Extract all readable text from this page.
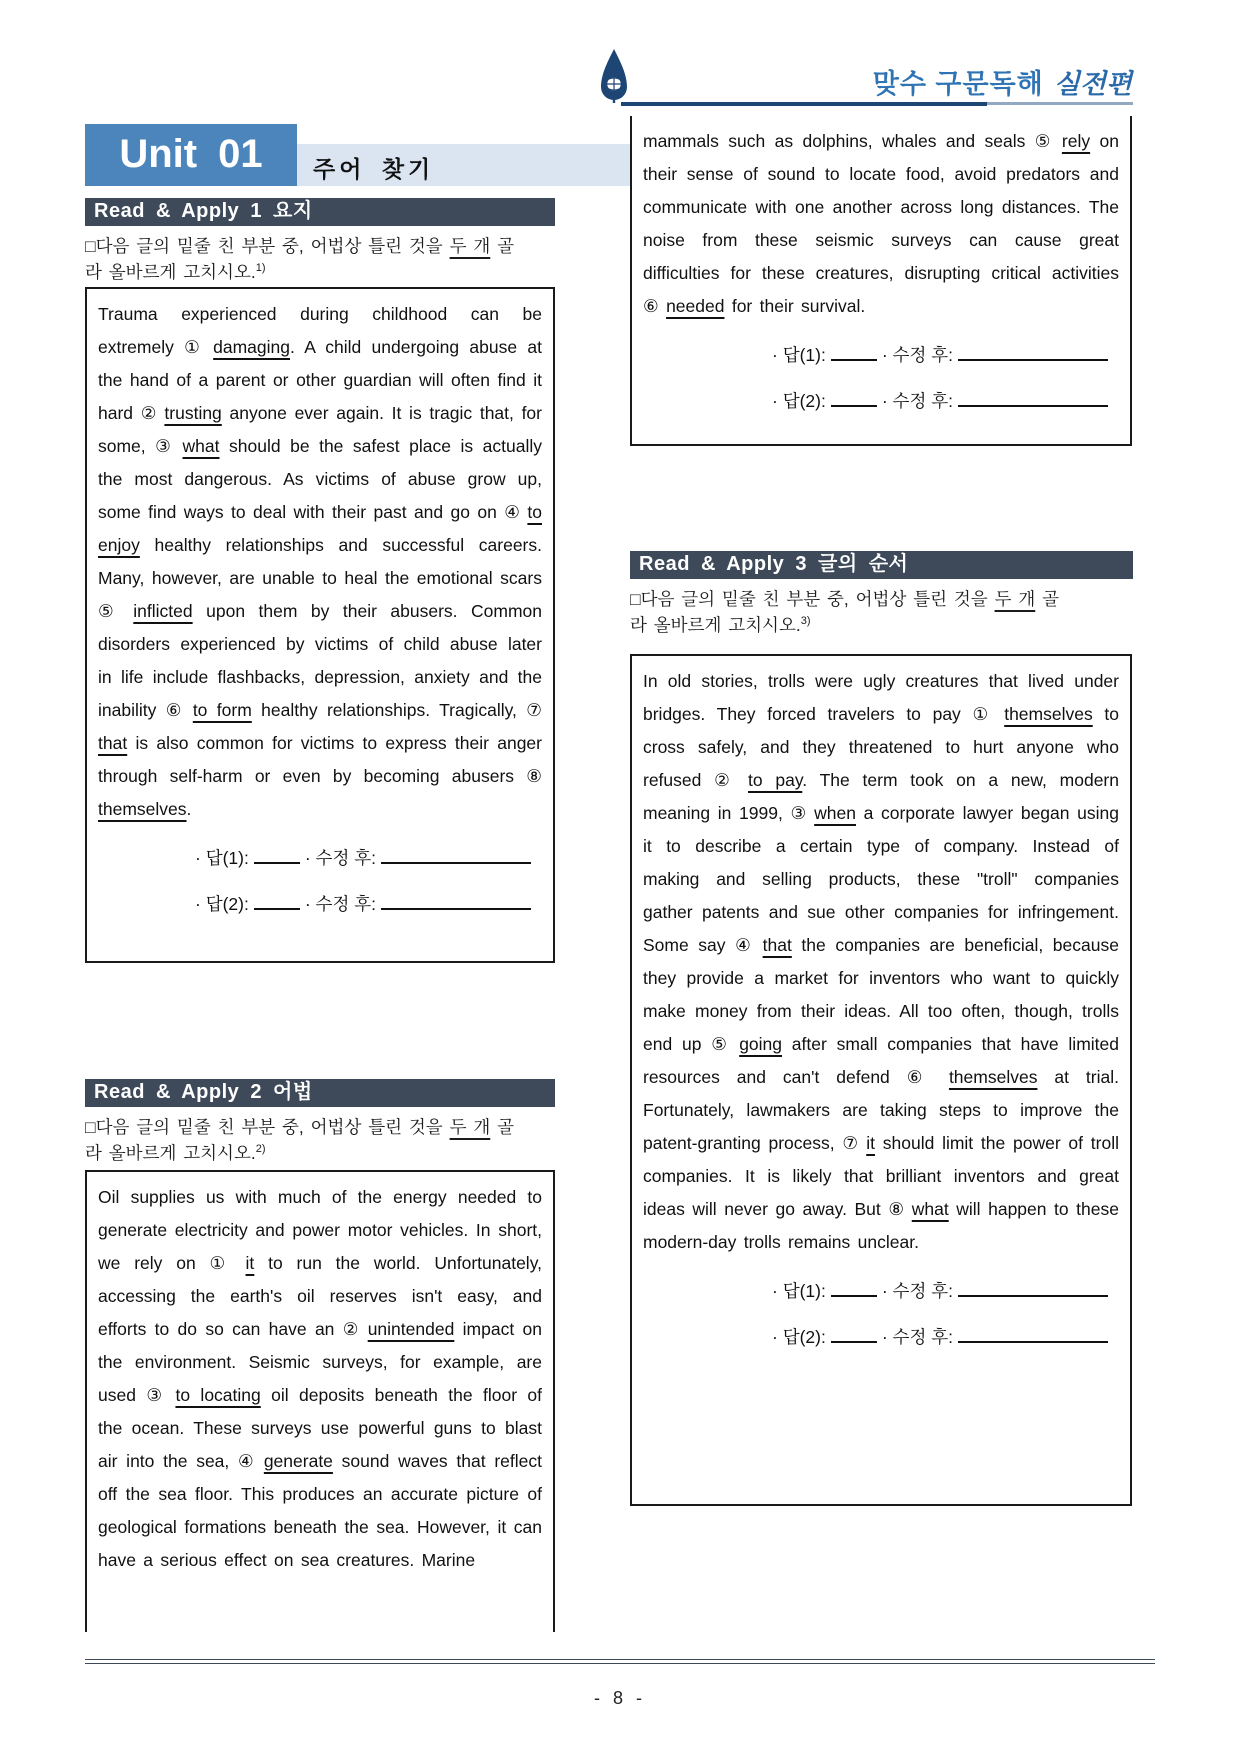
맞수 구문독해 실전편
Unit 01	주어 찾기
Read & Apply 1 요지
□다음 글의 밑줄 친 부분 중, 어법상 틀린 것을 두 개 골
라 올바르게 고치시오.$^{1)}$
Trauma experienced during childhood can be extremely ① damaging. A child undergoing abuse at the hand of a parent or other guardian will often find it hard ② trusting anyone ever again. It is tragic that, for some, ③ what should be the safest place is actually the most dangerous. As victims of abuse grow up, some find ways to deal with their past and go on ④ to enjoy healthy relationships and successful careers. Many, however, are unable to heal the emotional scars ⑤ inflicted upon them by their abusers. Common disorders experienced by victims of child abuse later in life include flashbacks, depression, anxiety and the inability ⑥ to form healthy relationships. Tragically, ⑦ that is also common for victims to express their anger through self-harm or even by becoming abusers ⑧ themselves.
· 답(1):	· 수정 후:
· 답(2):	· 수정 후:
Read & Apply 2 어법
□다음 글의 밑줄 친 부분 중, 어법상 틀린 것을 두 개 골
라 올바르게 고치시오.$^{2)}$
Oil supplies us with much of the energy needed to generate electricity and power motor vehicles. In short, we rely on ① it to run the world. Unfortunately, accessing the earth's oil reserves isn't easy, and efforts to do so can have an ② unintended impact on the environment. Seismic surveys, for example, are used ③ to locating oil deposits beneath the floor of the ocean. These surveys use powerful guns to blast air into the sea, ④ generate sound waves that reflect off the sea floor. This produces an accurate picture of geological formations beneath the sea. However, it can have a serious effect on sea creatures. Marine
mammals such as dolphins, whales and seals ⑤ rely on their sense of sound to locate food, avoid predators and communicate with one another across long distances. The noise from these seismic surveys can cause great difficulties for these creatures, disrupting critical activities ⑥ needed for their survival.
· 답(1):	· 수정 후:
· 답(2):	· 수정 후:
Read & Apply 3 글의 순서
□다음 글의 밑줄 친 부분 중, 어법상 틀린 것을 두 개 골
라 올바르게 고치시오.$^{3)}$
In old stories, trolls were ugly creatures that lived under bridges. They forced travelers to pay ① themselves to cross safely, and they threatened to hurt anyone who refused ② to pay. The term took on a new, modern meaning in 1999, ③ when a corporate lawyer began using it to describe a certain type of company. Instead of making and selling products, these "troll" companies gather patents and sue other companies for infringement. Some say ④ that the companies are beneficial, because they provide a market for inventors who want to quickly make money from their ideas. All too often, though, trolls end up ⑤ going after small companies that have limited resources and can't defend ⑥ themselves at trial. Fortunately, lawmakers are taking steps to improve the patent-granting process, ⑦ it should limit the power of troll companies. It is likely that brilliant inventors and great ideas will never go away. But ⑧ what will happen to these modern-day trolls remains unclear.
· 답(1):	· 수정 후:
· 답(2):	· 수정 후:
- 8 -
